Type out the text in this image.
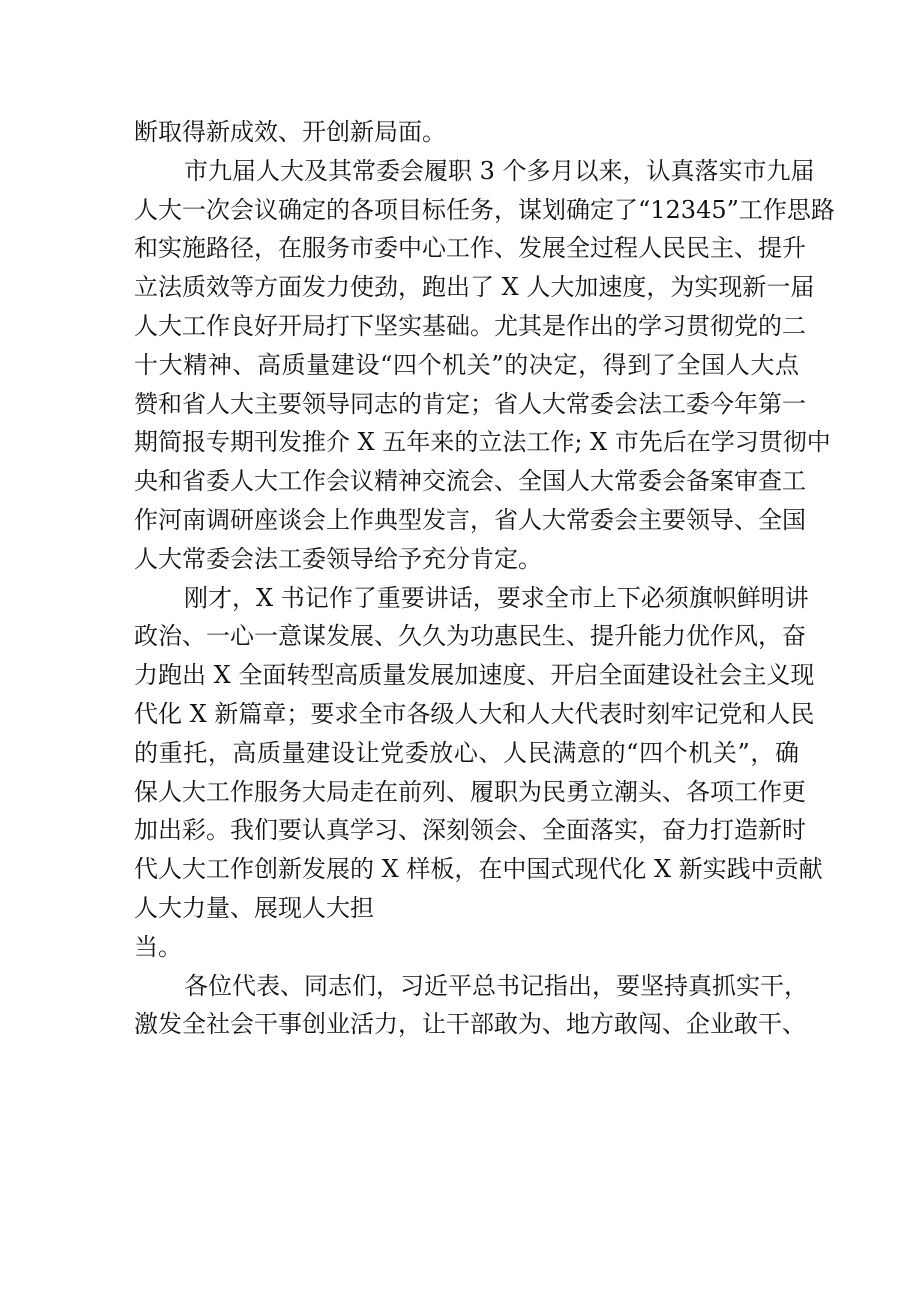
断取得新成效、开创新局面。
市九届人大及其常委会履职 3 个多月以来，认真落实市九届
人大一次会议确定的各项目标任务，谋划确定了“12345”工作思路
和实施路径，在服务市委中心工作、发展全过程人民民主、提升
立法质效等方面发力使劲，跑出了 X 人大加速度，为实现新一届
人大工作良好开局打下坚实基础。尤其是作出的学习贯彻党的二
十大精神、高质量建设“四个机关”的决定，得到了全国人大点
赞和省人大主要领导同志的肯定；省人大常委会法工委今年第一
期简报专期刊发推介 X 五年来的立法工作; X 市先后在学习贯彻中
央和省委人大工作会议精神交流会、全国人大常委会备案审查工
作河南调研座谈会上作典型发言，省人大常委会主要领导、全国
人大常委会法工委领导给予充分肯定。
刚才，X 书记作了重要讲话，要求全市上下必须旗帜鲜明讲
政治、一心一意谋发展、久久为功惠民生、提升能力优作风，奋
力跑出 X 全面转型高质量发展加速度、开启全面建设社会主义现
代化 X 新篇章；要求全市各级人大和人大代表时刻牢记党和人民
的重托，高质量建设让党委放心、人民满意的“四个机关”，确
保人大工作服务大局走在前列、履职为民勇立潮头、各项工作更
加出彩。我们要认真学习、深刻领会、全面落实，奋力打造新时
代人大工作创新发展的 X 样板，在中国式现代化 X 新实践中贡献
人大力量、展现人大担
当。
各位代表、同志们，习近平总书记指出，要坚持真抓实干，
激发全社会干事创业活力，让干部敢为、地方敢闯、企业敢干、
